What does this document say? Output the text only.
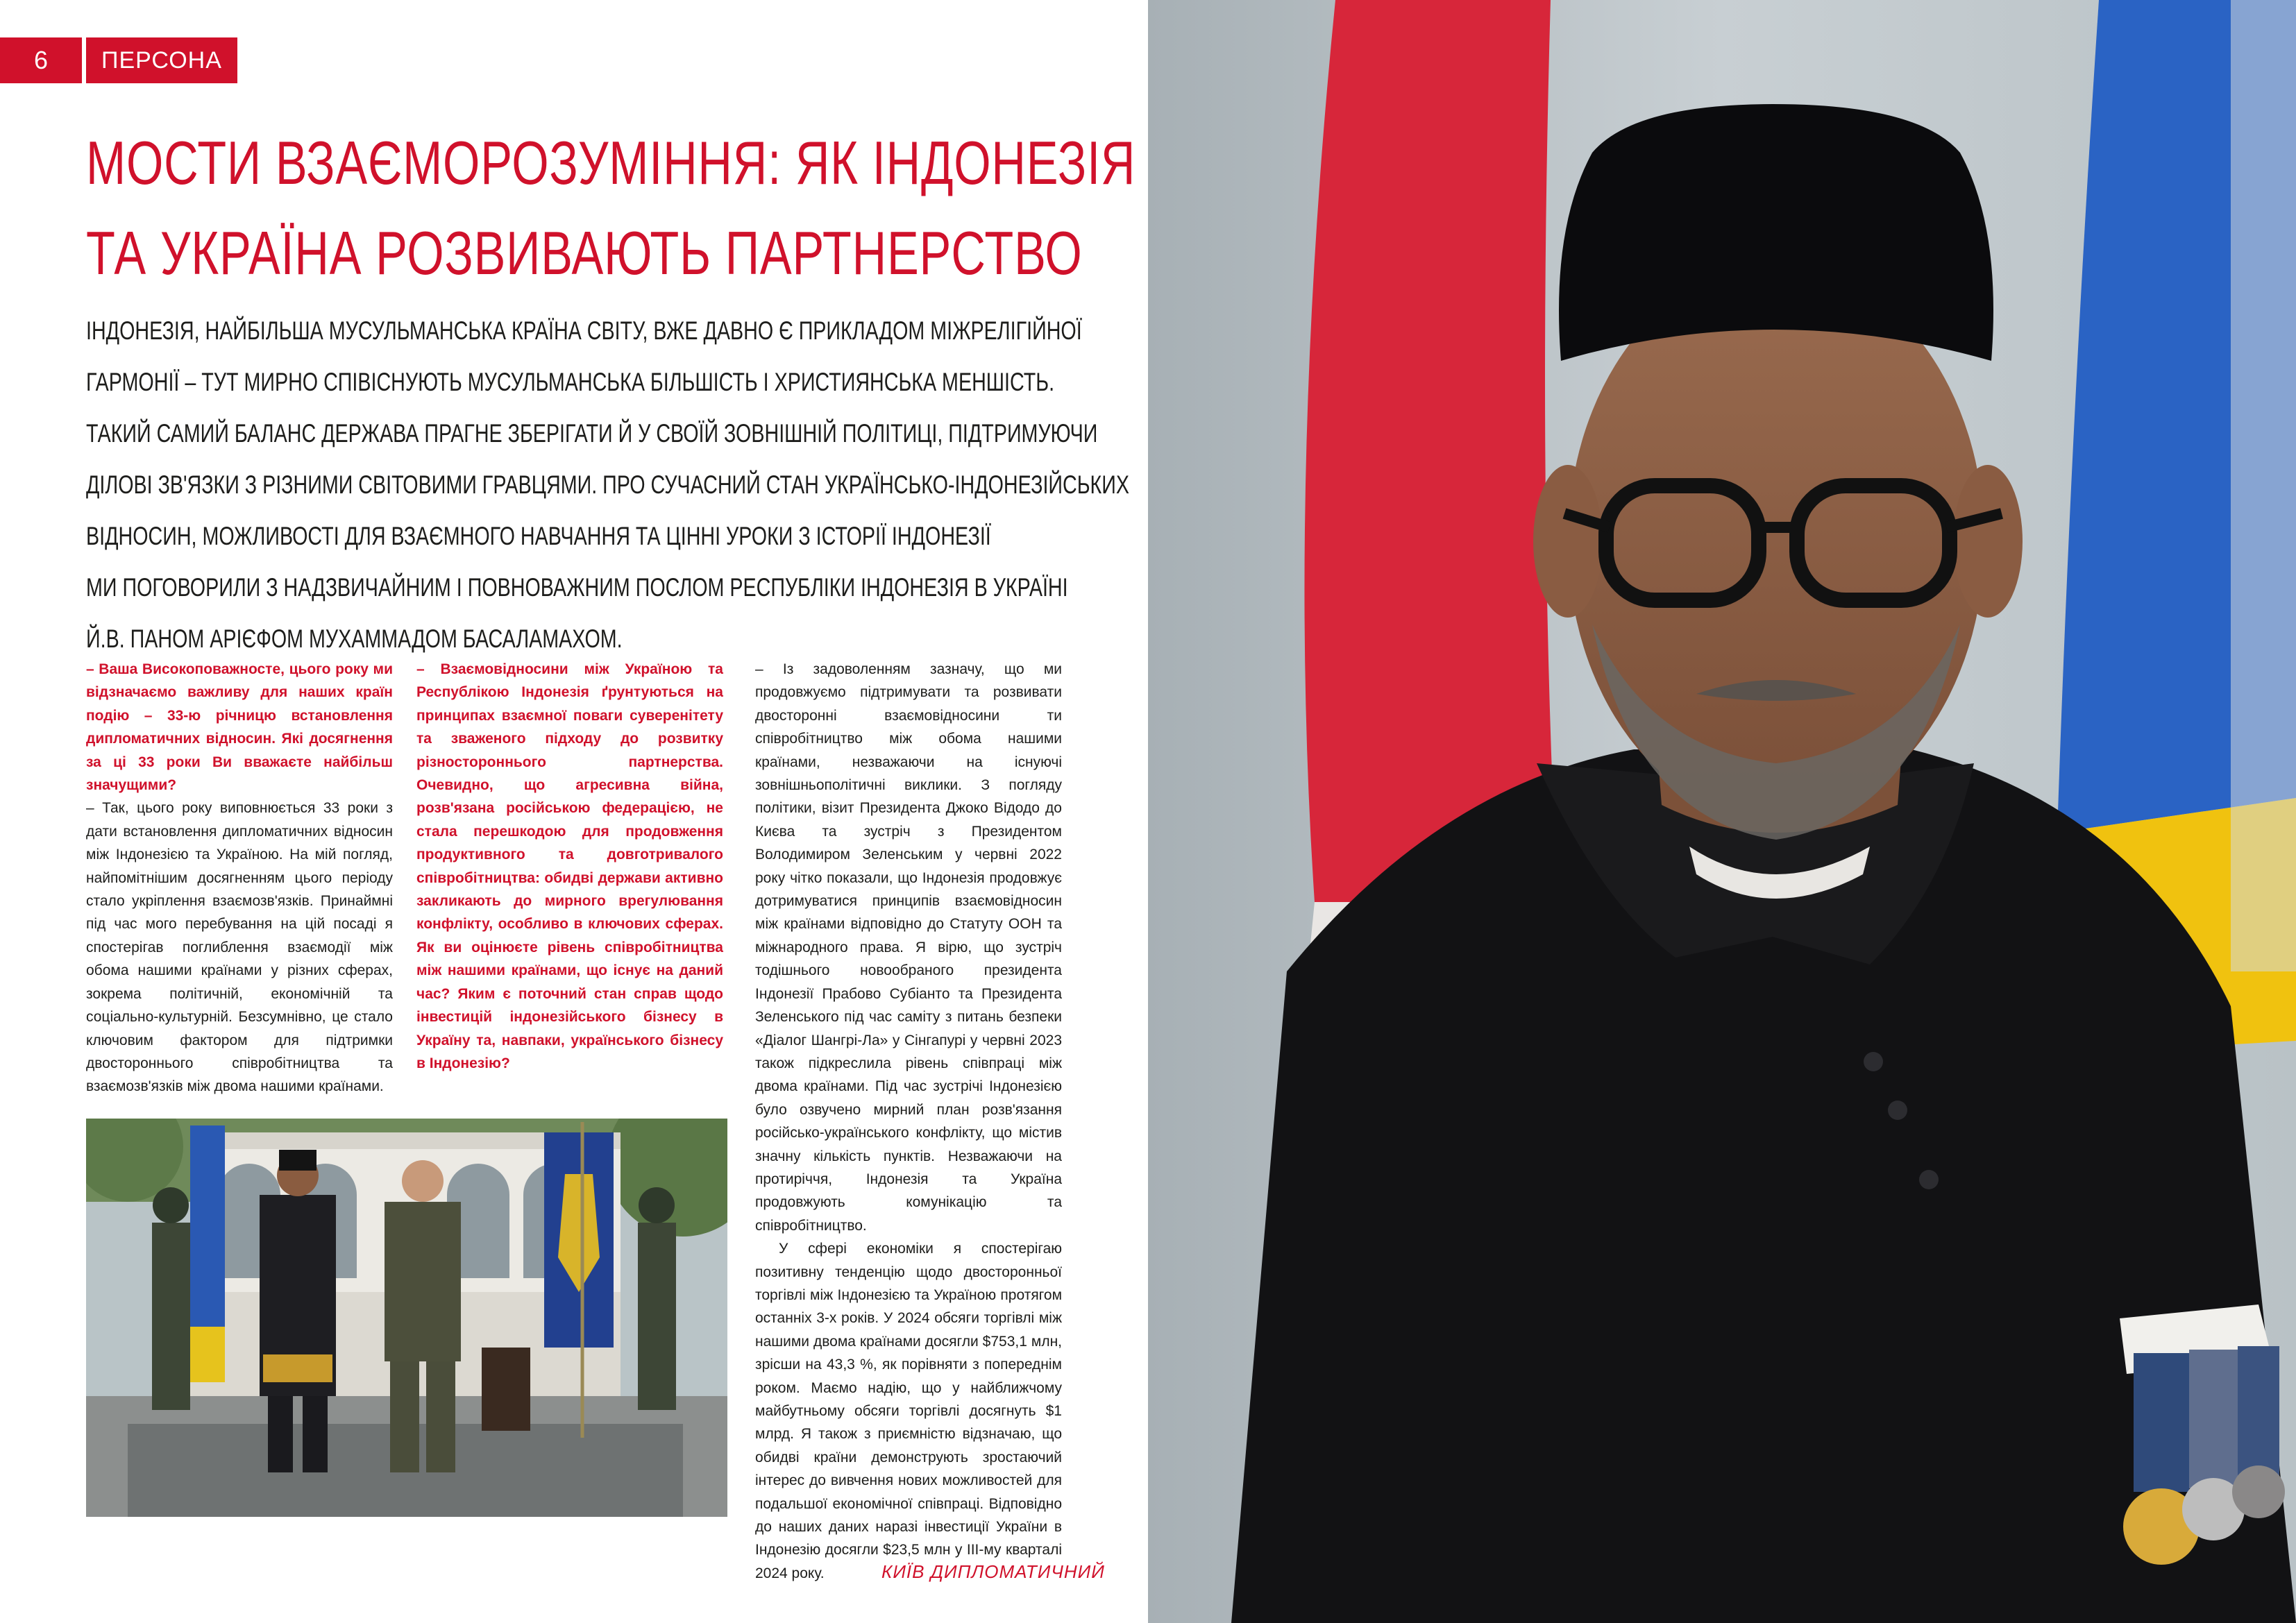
6	ПЕРСОНА
МОСТИ ВЗАЄМОРОЗУМІННЯ: ЯК ІНДОНЕЗІЯ
ТА УКРАЇНА РОЗВИВАЮТЬ ПАРТНЕРСТВО
ІНДОНЕЗІЯ, НАЙБІЛЬША МУСУЛЬМАНСЬКА КРАЇНА СВІТУ, ВЖЕ ДАВНО Є ПРИКЛАДОМ МІЖРЕЛІГІЙНОЇ
ГАРМОНІЇ – ТУТ МИРНО СПІВІСНУЮТЬ МУСУЛЬМАНСЬКА БІЛЬШІСТЬ І ХРИСТИЯНСЬКА МЕНШІСТЬ.
ТАКИЙ САМИЙ БАЛАНС ДЕРЖАВА ПРАГНЕ ЗБЕРІГАТИ Й У СВОЇЙ ЗОВНІШНІЙ ПОЛІТИЦІ, ПІДТРИМУЮЧИ
ДІЛОВІ ЗВ'ЯЗКИ З РІЗНИМИ СВІТОВИМИ ГРАВЦЯМИ. ПРО СУЧАСНИЙ СТАН УКРАЇНСЬКО-ІНДОНЕЗІЙСЬКИХ
ВІДНОСИН, МОЖЛИВОСТІ ДЛЯ ВЗАЄМНОГО НАВЧАННЯ ТА ЦІННІ УРОКИ З ІСТОРІЇ ІНДОНЕЗІЇ
МИ ПОГОВОРИЛИ З НАДЗВИЧАЙНИМ І ПОВНОВАЖНИМ ПОСЛОМ РЕСПУБЛІКИ ІНДОНЕЗІЯ В УКРАЇНІ
Й.В. ПАНОМ АРІЄФОМ МУХАММАДОМ БАСАЛАМАХОМ.

– Ваша Високоповажносте, цього року ми відзначаємо важливу для наших країн подію – 33-ю річницю встановлення дипломатичних відносин. Які досягнення за ці 33 роки Ви вважаєте найбільш значущими?

– Так, цього року виповнюється 33 роки з дати встановлення дипломатичних відносин між Індонезією та Україною. На мій погляд, найпомітнішим досягненням цього періоду стало укріплення взаємозв'язків. Принаймні під час мого перебування на цій посаді я спостерігав поглиблення взаємодії між обома нашими країнами у різних сферах, зокрема політичній, економічній та соціально-культурній. Безсумнівно, це стало ключовим фактором для підтримки двостороннього співробітництва та взаємозв'язків між двома нашими країнами.

– Взаємовідносини між Україною та Республікою Індонезія ґрунтуються на принципах взаємної поваги суверенітету та зваженого підходу до розвитку різностороннього партнерства. Очевидно, що агресивна війна, розв'язана російською федерацією, не стала перешкодою для продовження продуктивного та довготривалого співробітництва: обидві держави активно закликають до мирного врегулювання конфлікту, особливо в ключових сферах. Як ви оцінюєте рівень співробітництва між нашими країнами, що існує на даний час? Яким є поточний стан справ щодо інвестицій індонезійського бізнесу в Україну та, навпаки, українського бізнесу в Індонезію?

– Із задоволенням зазначу, що ми продовжуємо підтримувати та розвивати двосторонні взаємовідносини ти співробітництво між обома нашими країнами, незважаючи на існуючі зовнішньополітичні виклики. З погляду політики, візит Президента Джоко Відодо до Києва та зустріч з Президентом Володимиром Зеленським у червні 2022 року чітко показали, що Індонезія продовжує дотримуватися принципів взаємовідносин між країнами відповідно до Статуту ООН та міжнародного права. Я вірю, що зустріч тодішнього новообраного президента Індонезії Прабово Субіанто та Президента Зеленського під час саміту з питань безпеки «Діалог Шангрі-Ла» у Сінгапурі у червні 2023 також підкреслила рівень співпраці між двома країнами. Під час зустрічі Індонезією було озвучено мирний план розв'язання російсько-українського конфлікту, що містив значну кількість пунктів. Незважаючи на протиріччя, Індонезія та Україна продовжують комунікацію та співробітництво.

У сфері економіки я спостерігаю позитивну тенденцію щодо двосторонньої торгівлі між Індонезією та Україною протягом останніх 3-х років. У 2024 обсяги торгівлі між нашими двома країнами досягли $753,1 млн, зрісши на 43,3 %, як порівняти з попереднім роком. Маємо надію, що у найближчому майбутньому обсяги торгівлі досягнуть $1 млрд. Я також з приємністю відзначаю, що обидві країни демонструють зростаючий інтерес до вивчення нових можливостей для подальшої економічної співпраці. Відповідно до наших даних наразі інвестиції України в Індонезію досягли $23,5 млн у ІІІ-му кварталі 2024 року.	КИЇВ ДИПЛОМАТИЧНИЙ
